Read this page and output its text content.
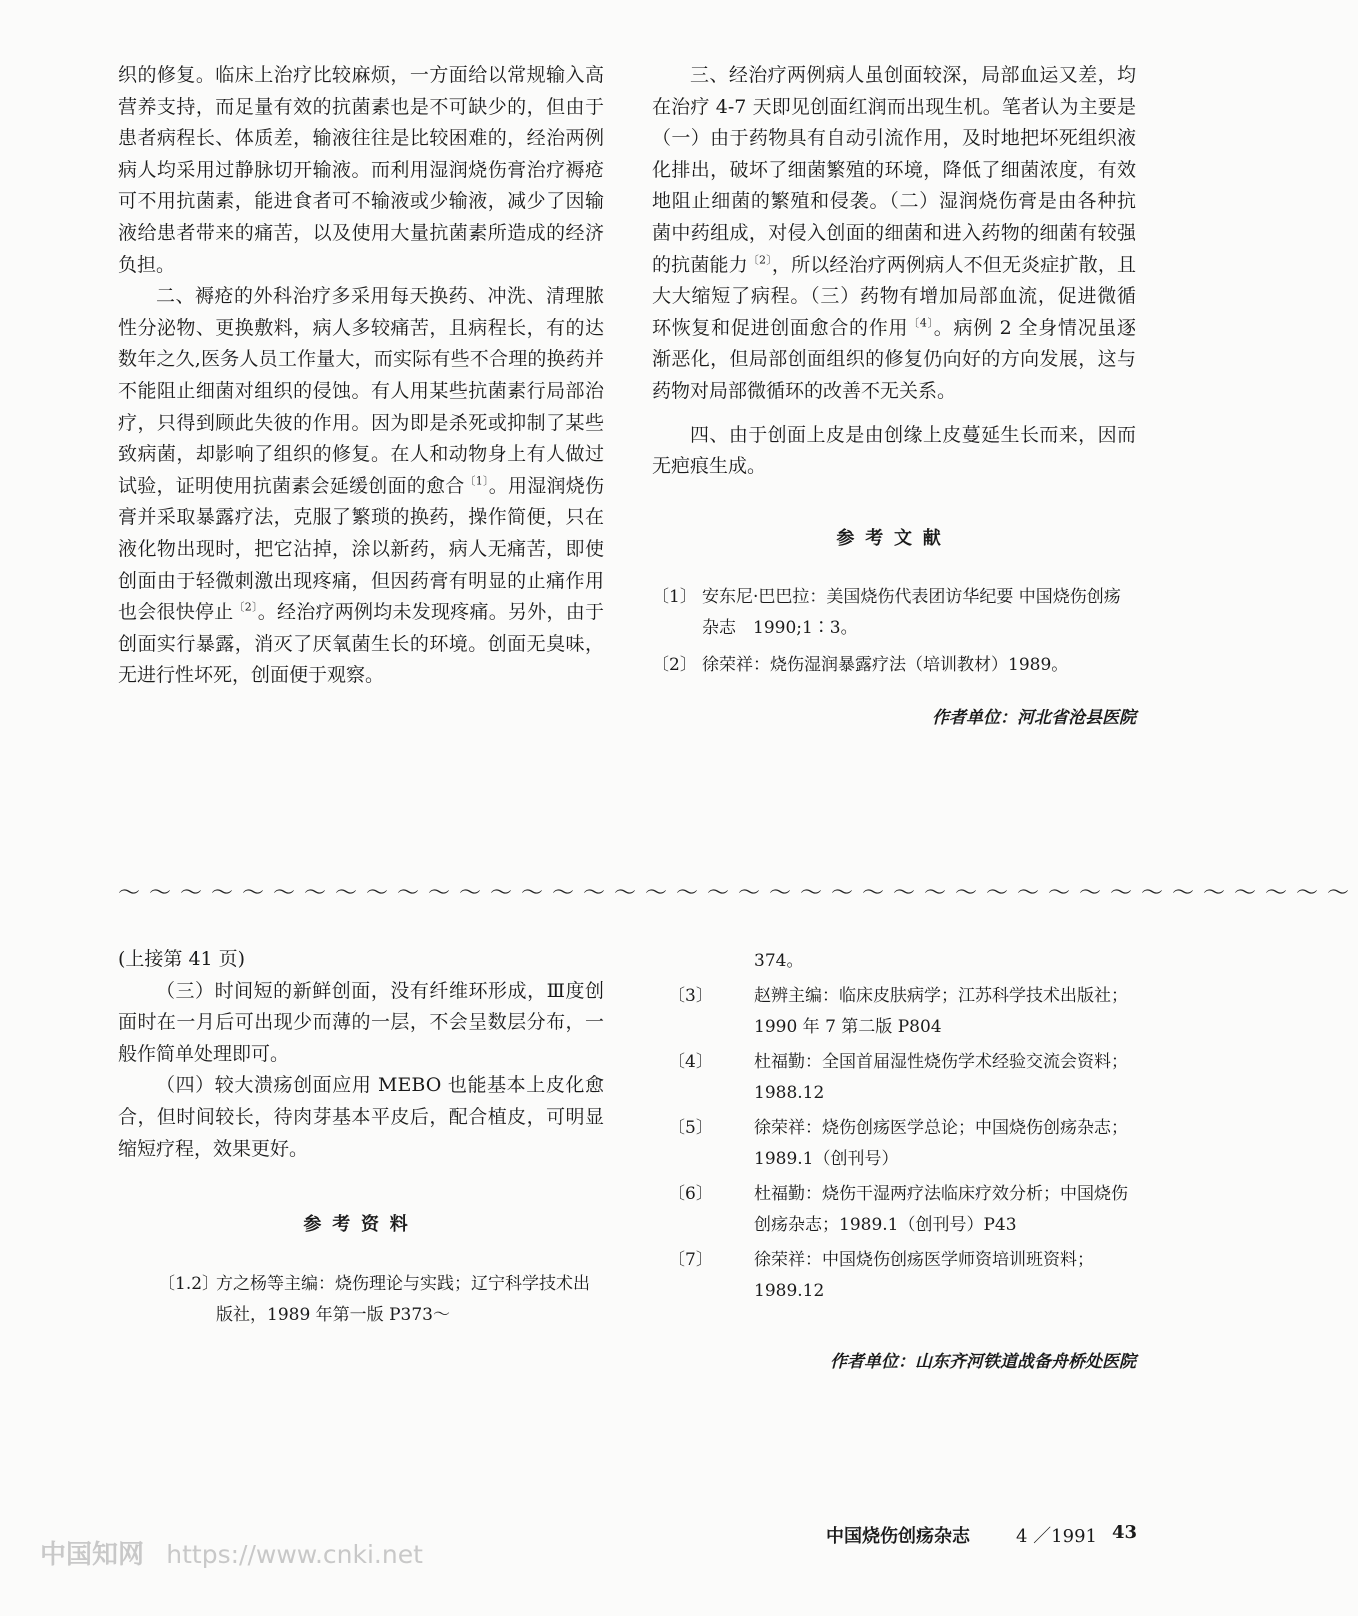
织的修复。临床上治疗比较麻烦，一方面给以常规输入高营养支持，而足量有效的抗菌素也是不可缺少的，但由于患者病程长、体质差，输液往往是比较困难的，经治两例病人均采用过静脉切开输液。而利用湿润烧伤膏治疗褥疮可不用抗菌素，能进食者可不输液或少输液，减少了因输液给患者带来的痛苦，以及使用大量抗菌素所造成的经济负担。

二、褥疮的外科治疗多采用每天换药、冲洗、清理脓性分泌物、更换敷料，病人多较痛苦，且病程长，有的达数年之久,医务人员工作量大，而实际有些不合理的换药并不能阻止细菌对组织的侵蚀。有人用某些抗菌素行局部治疗，只得到顾此失彼的作用。因为即是杀死或抑制了某些致病菌，却影响了组织的修复。在人和动物身上有人做过试验，证明使用抗菌素会延缓创面的愈合$^{〔1〕}$。用湿润烧伤膏并采取暴露疗法，克服了繁琐的换药，操作简便，只在液化物出现时，把它沾掉，涂以新药，病人无痛苦，即使创面由于轻微刺激出现疼痛，但因药膏有明显的止痛作用也会很快停止$^{〔2〕}$。经治疗两例均未发现疼痛。另外，由于创面实行暴露，消灭了厌氧菌生长的环境。创面无臭味，无进行性坏死，创面便于观察。

三、经治疗两例病人虽创面较深，局部血运又差，均在治疗 4-7 天即见创面红润而出现生机。笔者认为主要是（一）由于药物具有自动引流作用，及时地把坏死组织液化排出，破坏了细菌繁殖的环境，降低了细菌浓度，有效地阻止细菌的繁殖和侵袭。（二）湿润烧伤膏是由各种抗菌中药组成，对侵入创面的细菌和进入药物的细菌有较强的抗菌能力$^{〔2〕}$，所以经治疗两例病人不但无炎症扩散，且大大缩短了病程。（三）药物有增加局部血流，促进微循环恢复和促进创面愈合的作用$^{〔4〕}$。病例 2 全身情况虽逐渐恶化，但局部创面组织的修复仍向好的方向发展，这与药物对局部微循环的改善不无关系。

四、由于创面上皮是由创缘上皮蔓延生长而来，因而无疤痕生成。

参考文献
〔1〕 安东尼·巴巴拉：美国烧伤代表团访华纪要 中国烧伤创疡杂志　1990;1∶3。
〔2〕 徐荣祥：烧伤湿润暴露疗法（培训教材）1989。
作者单位：河北省沧县医院
～～～～～～～～～～～～～～～～～～～～～～～～～～～～～～～～～～～～～～～～

(上接第 41 页)

（三）时间短的新鲜创面，没有纤维环形成，Ⅲ度创面时在一月后可出现少而薄的一层，不会呈数层分布，一般作简单处理即可。

（四）较大溃疡创面应用 MEBO 也能基本上皮化愈合，但时间较长，待肉芽基本平皮后，配合植皮，可明显缩短疗程，效果更好。

参考资料
〔1.2〕
方之杨等主编：烧伤理论与实践；辽宁科学技术出版社，1989 年第一版 P373～
374。
〔3〕 赵辨主编：临床皮肤病学；江苏科学技术出版社；1990 年 7 第二版 P804
〔4〕 杜福勤：全国首届湿性烧伤学术经验交流会资料；1988.12
〔5〕 徐荣祥：烧伤创疡医学总论；中国烧伤创疡杂志；1989.1（创刊号）
〔6〕 杜福勤：烧伤干湿两疗法临床疗效分析；中国烧伤创疡杂志；1989.1（创刊号）P43
〔7〕 徐荣祥：中国烧伤创疡医学师资培训班资料；1989.12
作者单位：山东齐河铁道战备舟桥处医院
中国烧伤创疡杂志	4 ／1991 43
中国知网 https://www.cnki.net
